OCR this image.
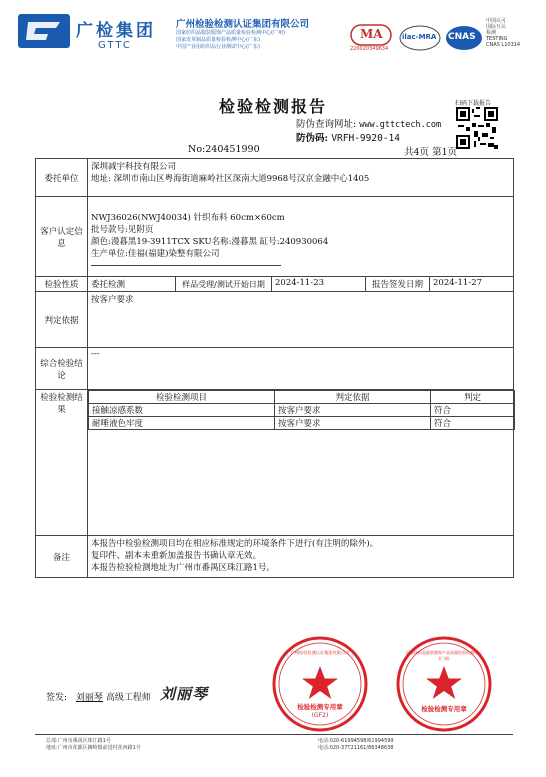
广检集团
GTTC
广州检验检测认证集团有限公司
国家纺织品服装服饰产品质量检验检测中心(广州)
国家皮革制品质量检验检测中心(广东)
中国产业用纺织品行业测试中心(广东)
MA
220020349634
ilac-MRA CNAS
中国认可
国际互认
检测
TESTING
CNAS L10314
检验检测报告
防伪查询网址: www.gttctech.com
防伪码: VRFH-9920-14
扫码下载报告
No:240451990	共4页 第1页
委托单位	
深圳减宇科技有限公司
地址: 深圳市南山区粤海街道麻岭社区深南大道9968号汉京金融中心1405

客户认定信息	
NWJ36026(NWJ40034) 针织布料 60cm×60cm
批号款号:见附页
颜色:漫暮黑19-3911TCX SKU名称:漫暮黑 缸号:240930064
生产单位:佳福(福建)染整有限公司

检验性质	委托检测	样品受理/测试开始日期	2024-11-23	报告签发日期	2024-11-27
判定依据	按客户要求
综合检验结论	---
检验检测结果	
检验检测项目	判定依据	判定
接触凉感系数	按客户要求	符合
耐唾液色牢度	按客户要求	符合

备注	
本报告中检验检测项目均在相应标准规定的环境条件下进行(有注明的除外)。
复印件、副本未重新加盖报告书确认章无效。
本报告检验检测地址为广州市番禺区珠江路1号。
签发: 刘丽琴 高级工程师 刘丽琴
检验检测专用章
(GF2)
广州检验检测认证集团有限公司
检验检测专用章
国家纺织品服装服饰产品质量检验检测中心(广州)
总部:广州市番禺区珠江路1号
地址:广州市花都区狮岭镇前进村花西路1号
电话:020-61994598/61994599
电话:020-37T21161/86348638
